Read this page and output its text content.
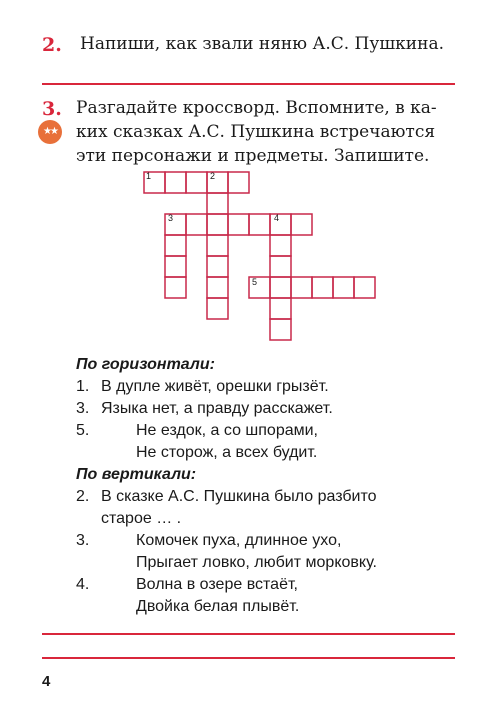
2. Напиши, как звали няню А.С. Пушкина.
3.
★★
Разгадайте кроссворд. Вспомните, в ка-
ких сказках А.С. Пушкина встречаются
эти персонажи и предметы. Запишите.
1	2
3	4
5
По горизонтали:
1. В дупле живёт, орешки грызёт.
3. Языка нет, а правду расскажет.
5.	Не ездок, а со шпорами,
Не сторож, а всех будит.
По вертикали:
2. В сказке А.С. Пушкина было разбито
старое … .
3.	Комочек пуха, длинное ухо,
Прыгает ловко, любит морковку.
4.	Волна в озере встаёт,
Двойка белая плывёт.
4
